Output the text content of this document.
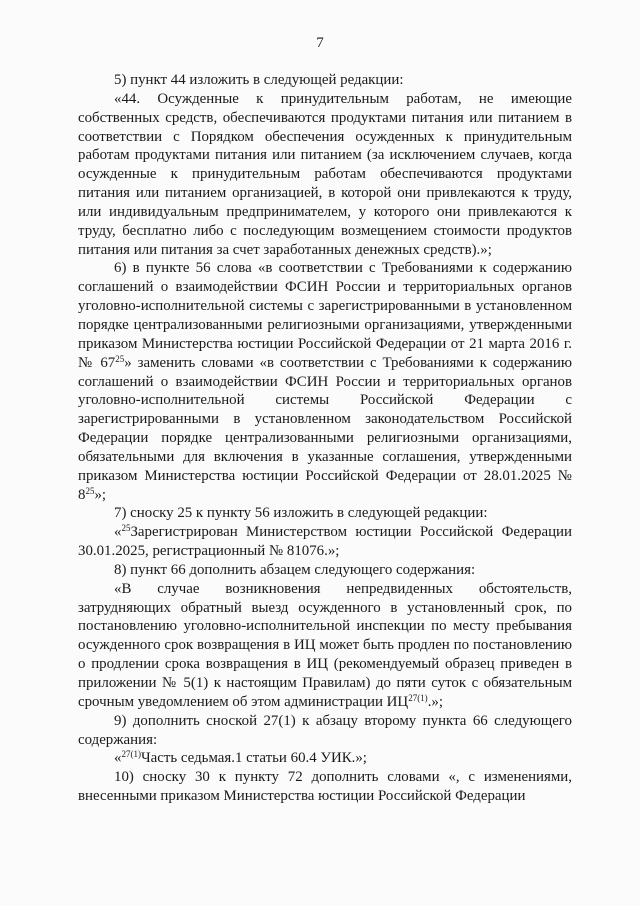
7

5) пункт 44 изложить в следующей редакции:

«44. Осужденные к принудительным работам, не имеющие собственных средств, обеспечиваются продуктами питания или питанием в соответствии с Порядком обеспечения осужденных к принудительным работам продуктами питания или питанием (за исключением случаев, когда осужденные к принудительным работам обеспечиваются продуктами питания или питанием организацией, в которой они привлекаются к труду, или индивидуальным предпринимателем, у которого они привлекаются к труду, бесплатно либо с последующим возмещением стоимости продуктов питания или питания за счет заработанных денежных средств).»;

6) в пункте 56 слова «в соответствии с Требованиями к содержанию соглашений о взаимодействии ФСИН России и территориальных органов уголовно-исполнительной системы с зарегистрированными в установленном порядке централизованными религиозными организациями, утвержденными приказом Министерства юстиции Российской Федерации от 21 марта 2016 г. № $67^{25}$» заменить словами «в соответствии с Требованиями к содержанию соглашений о взаимодействии ФСИН России и территориальных органов уголовно-исполнительной системы Российской Федерации с зарегистрированными в установленном законодательством Российской Федерации порядке централизованными религиозными организациями, обязательными для включения в указанные соглашения, утвержденными приказом Министерства юстиции Российской Федерации от 28.01.2025 № $8^{25}$»;

7) сноску 25 к пункту 56 изложить в следующей редакции:

«$^{25}$Зарегистрирован Министерством юстиции Российской Федерации 30.01.2025, регистрационный № 81076.»;

8) пункт 66 дополнить абзацем следующего содержания:

«В случае возникновения непредвиденных обстоятельств, затрудняющих обратный выезд осужденного в установленный срок, по постановлению уголовно-исполнительной инспекции по месту пребывания осужденного срок возвращения в ИЦ может быть продлен по постановлению о продлении срока возвращения в ИЦ (рекомендуемый образец приведен в приложении № 5(1) к настоящим Правилам) до пяти суток с обязательным срочным уведомлением об этом администрации $ИЦ^{27(1)}$.»;

9) дополнить сноской 27(1) к абзацу второму пункта 66 следующего содержания:

«$^{27(1)}$Часть седьмая.1 статьи 60.4 УИК.»;

10) сноску 30 к пункту 72 дополнить словами «, с изменениями, внесенными приказом Министерства юстиции Российской Федерации
